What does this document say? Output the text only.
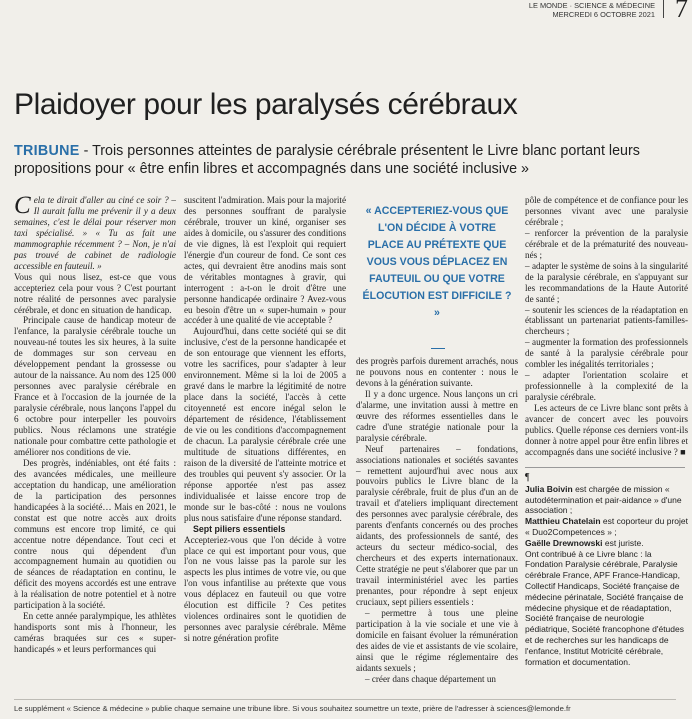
LE MONDE · SCIENCE & MÉDECINE
MERCREDI 6 OCTOBRE 2021 7
Plaidoyer pour les paralysés cérébraux
TRIBUNE - Trois personnes atteintes de paralysie cérébrale présentent le Livre blanc portant leurs propositions pour « être enfin libres et accompagnés dans une société inclusive »

Cela te dirait d'aller au ciné ce soir ? – Il aurait fallu me prévenir il y a deux semaines, c'est le délai pour réserver mon taxi spécialisé. » « Tu as fait une mammographie récemment ? – Non, je n'ai pas trouvé de cabinet de radiologie accessible en fauteuil. »

Vous qui nous lisez, est-ce que vous accepteriez cela pour vous ? C'est pourtant notre réalité de personnes avec paralysie cérébrale, et donc en situation de handicap.

Principale cause de handicap moteur de l'enfance, la paralysie cérébrale touche un nouveau-né toutes les six heures, à la suite de dommages sur son cerveau en développement pendant la grossesse ou autour de la naissance. Au nom des 125 000 personnes avec paralysie cérébrale en France et à l'occasion de la journée de la paralysie cérébrale, nous lançons l'appel du 6 octobre pour interpeller les pouvoirs publics. Nous réclamons une stratégie nationale pour combattre cette pathologie et améliorer nos conditions de vie.

Des progrès, indéniables, ont été faits : des avancées médicales, une meilleure acceptation du handicap, une amélioration de la participation des personnes handicapées à la société… Mais en 2021, le constat est que notre accès aux droits communs est encore trop limité, ce qui accentue notre dépendance. Tout ceci et contre nous qui dépendent d'un accompagnement humain au quotidien ou de séances de réadaptation en continu, le déficit des moyens accordés est une entrave à la réalisation de notre potentiel et à notre participation à la société.

En cette année paralympique, les athlètes handisports sont mis à l'honneur, les caméras braquées sur ces « super-handicapés » et leurs performances qui

suscitent l'admiration. Mais pour la majorité des personnes souffrant de paralysie cérébrale, trouver un kiné, organiser ses aides à domicile, ou s'assurer des conditions de vie dignes, là est l'exploit qui requiert l'énergie d'un coureur de fond. Ce sont ces actes, qui devraient être anodins mais sont de véritables montagnes à gravir, qui interrogent : a-t-on le droit d'être une personne handicapée ordinaire ? Avez-vous eu besoin d'être un « super-humain » pour accéder à une qualité de vie acceptable ?

Aujourd'hui, dans cette société qui se dit inclusive, c'est de la personne handicapée et de son entourage que viennent les efforts, votre les sacrifices, pour s'adapter à leur environnement. Même si la loi de 2005 a gravé dans le marbre la légitimité de notre place dans la société, l'accès à cette citoyenneté est encore inégal selon le département de résidence, l'établissement de vie ou les conditions d'accompagnement de chacun. La paralysie cérébrale crée une multitude de situations différentes, en raison de la diversité de l'atteinte motrice et des troubles qui peuvent s'y associer. Or la réponse apportée n'est pas assez individualisée et laisse encore trop de monde sur le bas-côté : nous ne voulons plus nous satisfaire d'une réponse standard.

Sept piliers essentiels

Accepteriez-vous que l'on décide à votre place ce qui est important pour vous, que l'on ne vous laisse pas la parole sur les aspects les plus intimes de votre vie, ou que l'on vous infantilise au prétexte que vous vous déplacez en fauteuil ou que votre élocution est difficile ? Ces petites violences ordinaires sont le quotidien de personnes avec paralysie cérébrale. Même si notre génération profite

« ACCEPTERIEZ-VOUS QUE L'ON DÉCIDE À VOTRE PLACE AU PRÉTEXTE QUE VOUS VOUS DÉPLACEZ EN FAUTEUIL OU QUE VOTRE ÉLOCUTION EST DIFFICILE ? »

des progrès parfois durement arrachés, nous ne pouvons nous en contenter : nous le devons à la génération suivante.

Il y a donc urgence. Nous lançons un cri d'alarme, une invitation aussi à mettre en œuvre des réformes essentielles dans le cadre d'une stratégie nationale pour la paralysie cérébrale.

Neuf partenaires – fondations, associations nationales et sociétés savantes – remettent aujourd'hui avec nous aux pouvoirs publics le Livre blanc de la paralysie cérébrale, fruit de plus d'un an de travail et d'ateliers impliquant directement des personnes avec paralysie cérébrale, des parents d'enfants concernés ou des proches aidants, des professionnels de santé, des acteurs du secteur médico-social, des chercheurs et des experts internationaux. Cette stratégie ne peut s'élaborer que par un travail interministériel avec les parties prenantes, pour répondre à sept enjeux cruciaux, sept piliers essentiels :

– permettre à tous une pleine participation à la vie sociale et une vie à domicile en faisant évoluer la rémunération des aides de vie et assistants de vie scolaire, ainsi que le régime réglementaire des aidants sexuels ;

– créer dans chaque département un

pôle de compétence et de confiance pour les personnes vivant avec une paralysie cérébrale ;

– renforcer la prévention de la paralysie cérébrale et de la prématurité des nouveau-nés ;

– adapter le système de soins à la singularité de la paralysie cérébrale, en s'appuyant sur les recommandations de la Haute Autorité de santé ;

– soutenir les sciences de la réadaptation en établissant un partenariat patients-familles-chercheurs ;

– augmenter la formation des professionnels de santé à la paralysie cérébrale pour combler les inégalités territoriales ;

– adapter l'orientation scolaire et professionnelle à la complexité de la paralysie cérébrale.

Les acteurs de ce Livre blanc sont prêts à avancer de concert avec les pouvoirs publics. Quelle réponse ces derniers vont-ils donner à notre appel pour être enfin libres et accompagnés dans une société inclusive ? ■

¶

Julia Boivin est chargée de mission « autodétermination et pair-aidance » d'une association ;

Matthieu Chatelain est coporteur du projet « Duo2Competences » ;

Gaëlle Drewnowski est juriste.

Ont contribué à ce Livre blanc : la Fondation Paralysie cérébrale, Paralysie cérébrale France, APF France-Handicap, Collectif Handicaps, Société française de médecine périnatale, Société française de médecine physique et de réadaptation, Société française de neurologie pédiatrique, Société francophone d'études et de recherches sur les handicaps de l'enfance, Institut Motricité cérébrale, formation et documentation.

Le supplément « Science & médecine » publie chaque semaine une tribune libre. Si vous souhaitez soumettre un texte, prière de l'adresser à sciences@lemonde.fr
